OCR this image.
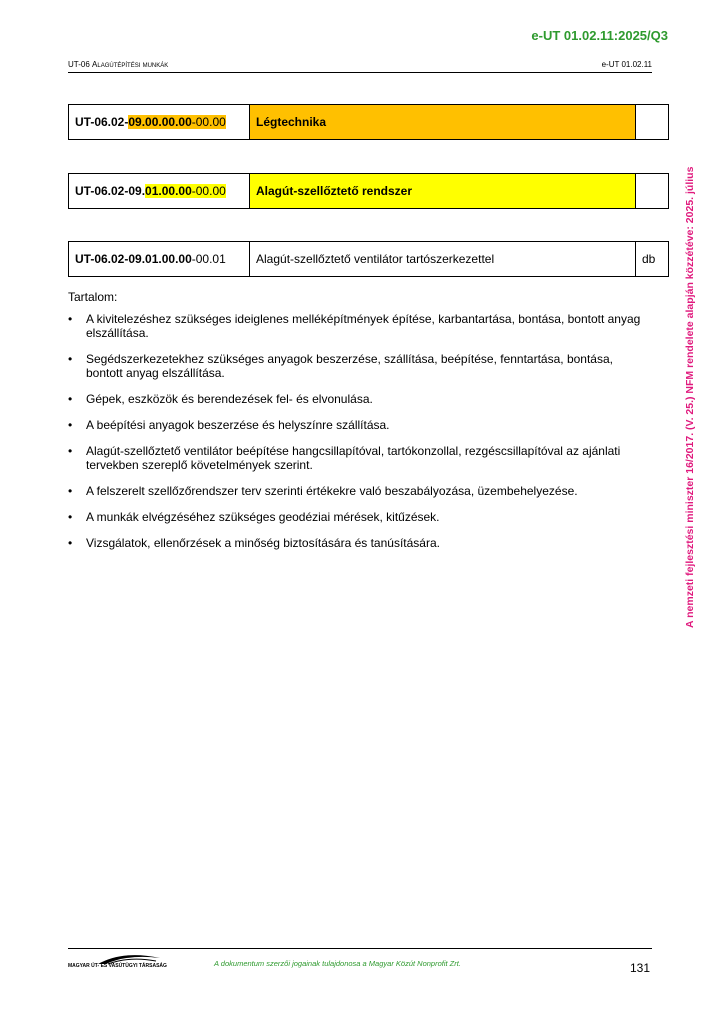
e-UT 01.02.11:2025/Q3
UT-06 Alagútépítési munkák	e-UT 01.02.11
UT-06.02-09.00.00.00-00.00	Légtechnika	
UT-06.02-09.01.00.00-00.00	Alagút-szellőztető rendszer	
UT-06.02-09.01.00.00-00.01	Alagút-szellőztető ventilátor tartószerkezettel	db
Tartalom:
• A kivitelezéshez szükséges ideiglenes melléképítmények építése, karbantartása, bontása, bontott anyag elszállítása.
• Segédszerkezetekhez szükséges anyagok beszerzése, szállítása, beépítése, fenntartása, bontása, bontott anyag elszállítása.
• Gépek, eszközök és berendezések fel- és elvonulása.
• A beépítési anyagok beszerzése és helyszínre szállítása.
• Alagút-szellőztető ventilátor beépítése hangcsillapítóval, tartókonzollal, rezgéscsillapítóval az ajánlati tervekben szereplő követelmények szerint.
• A felszerelt szellőzőrendszer terv szerinti értékekre való beszabályozása, üzembehelyezése.
• A munkák elvégzéséhez szükséges geodéziai mérések, kitűzések.
• Vizsgálatok, ellenőrzések a minőség biztosítására és tanúsítására.	A nemzeti fejlesztési miniszter 16/2017. (V. 25.) NFM rendelete alapján közzétéve: 2025. július
MAGYAR ÚT- ÉS VASÚTÜGYI TÁRSASÁG	A dokumentum szerzői jogainak tulajdonosa a Magyar Közút Nonprofit Zrt.	131
